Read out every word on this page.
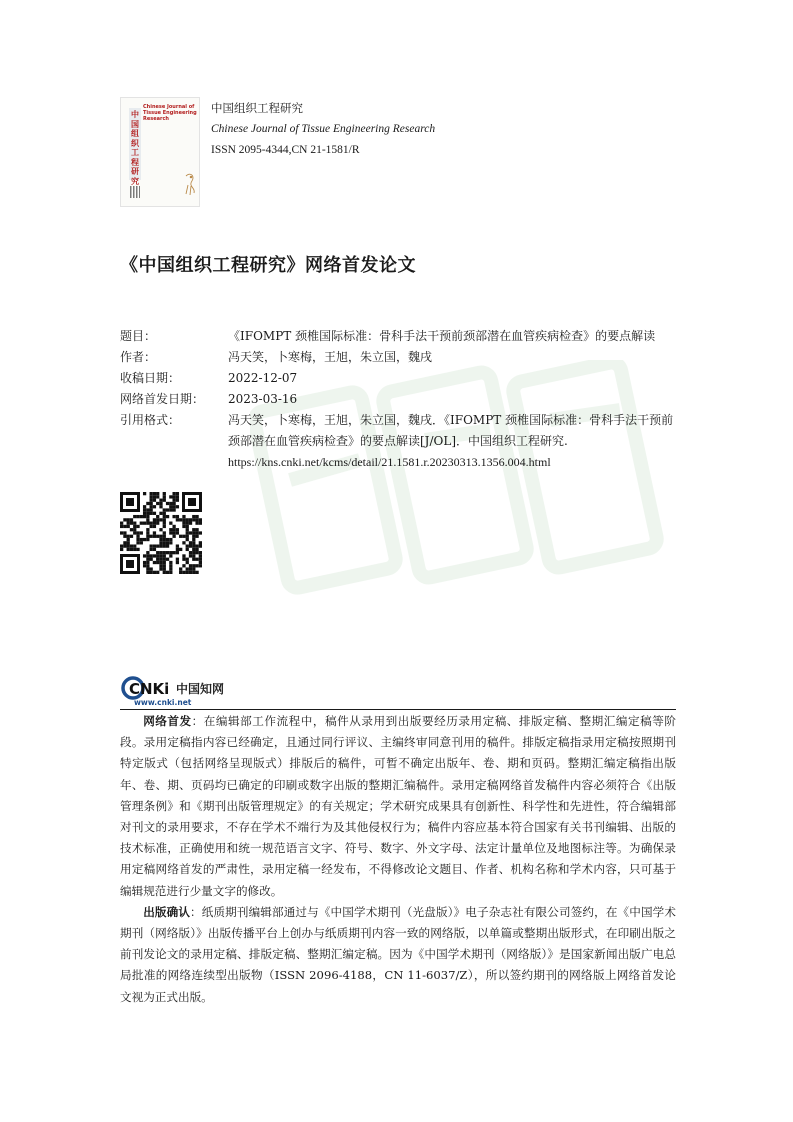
中国组织工程研究
Chinese Journal of Tissue Engineering Research
中国组织工程研究
Chinese Journal of Tissue Engineering Research
ISSN 2095-4344,CN 21-1581/R
《中国组织工程研究》网络首发论文
题目：	《IFOMPT 颈椎国际标准：骨科手法干预前颈部潜在血管疾病检查》的要点解读
作者：	冯天笑，卜寒梅，王旭，朱立国，魏戌
收稿日期：	2022-12-07
网络首发日期：	2023-03-16
引用格式：	冯天笑，卜寒梅，王旭，朱立国，魏戌．《IFOMPT 颈椎国际标准：骨科手法干预前颈部潜在血管疾病检查》的要点解读[J/OL]．中国组织工程研究.
https://kns.cnki.net/kcms/detail/21.1581.r.20230313.1356.004.html
CNKi 中国知网
www.cnki.net

网络首发：在编辑部工作流程中，稿件从录用到出版要经历录用定稿、排版定稿、整期汇编定稿等阶段。录用定稿指内容已经确定，且通过同行评议、主编终审同意刊用的稿件。排版定稿指录用定稿按照期刊特定版式（包括网络呈现版式）排版后的稿件，可暂不确定出版年、卷、期和页码。整期汇编定稿指出版年、卷、期、页码均已确定的印刷或数字出版的整期汇编稿件。录用定稿网络首发稿件内容必须符合《出版管理条例》和《期刊出版管理规定》的有关规定；学术研究成果具有创新性、科学性和先进性，符合编辑部对刊文的录用要求，不存在学术不端行为及其他侵权行为；稿件内容应基本符合国家有关书刊编辑、出版的技术标准，正确使用和统一规范语言文字、符号、数字、外文字母、法定计量单位及地图标注等。为确保录用定稿网络首发的严肃性，录用定稿一经发布，不得修改论文题目、作者、机构名称和学术内容，只可基于编辑规范进行少量文字的修改。

出版确认：纸质期刊编辑部通过与《中国学术期刊（光盘版）》电子杂志社有限公司签约，在《中国学术期刊（网络版）》出版传播平台上创办与纸质期刊内容一致的网络版，以单篇或整期出版形式，在印刷出版之前刊发论文的录用定稿、排版定稿、整期汇编定稿。因为《中国学术期刊（网络版）》是国家新闻出版广电总局批准的网络连续型出版物（ISSN 2096-4188，CN 11-6037/Z），所以签约期刊的网络版上网络首发论文视为正式出版。
